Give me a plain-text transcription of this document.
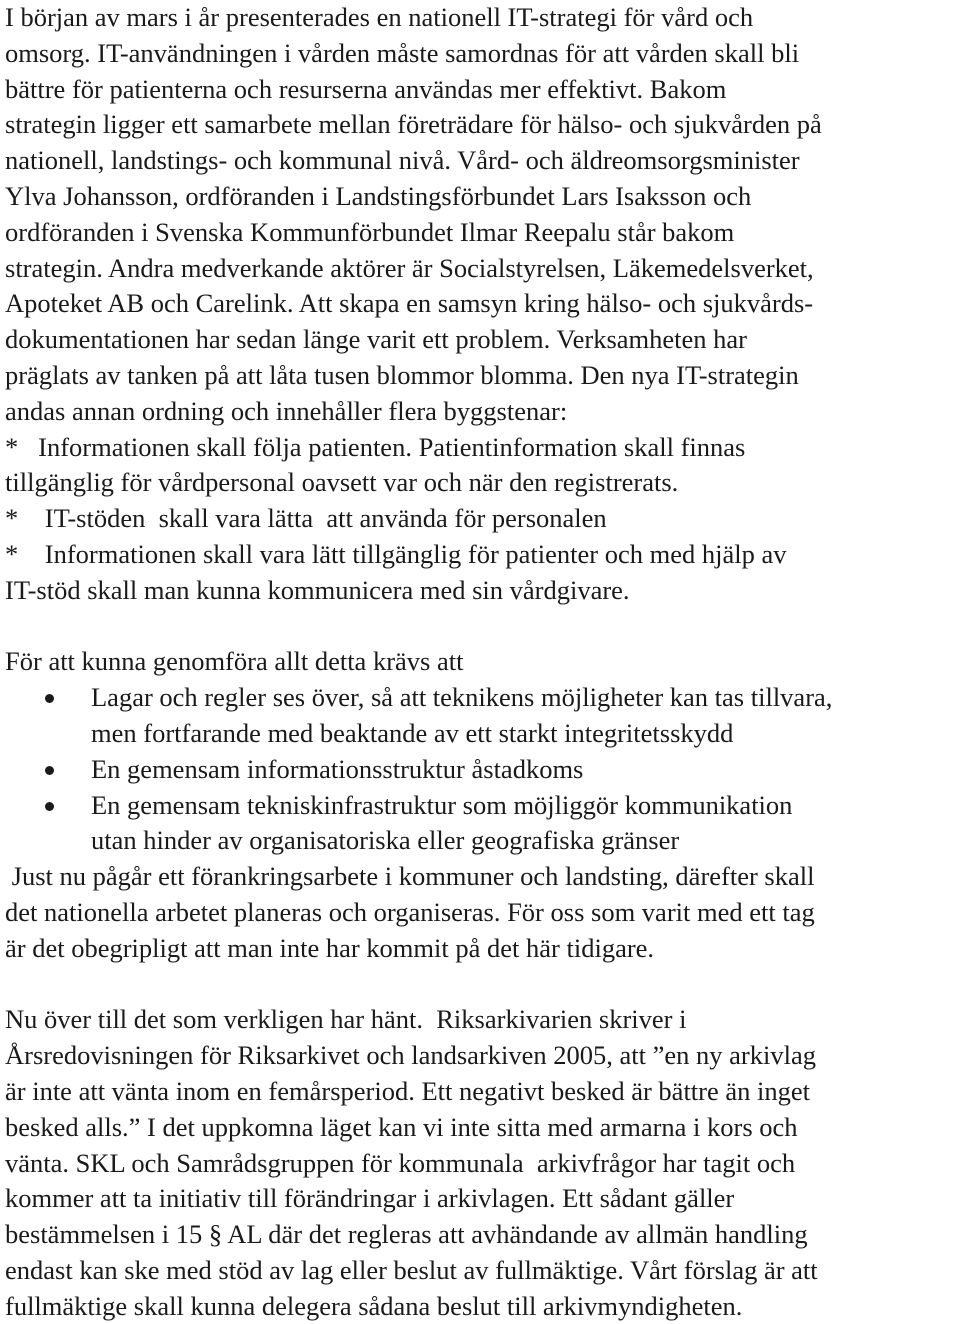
I början av mars i år presenterades en nationell IT-strategi för vård och
omsorg. IT-användningen i vården måste samordnas för att vården skall bli
bättre för patienterna och resurserna användas mer effektivt. Bakom
strategin ligger ett samarbete mellan företrädare för hälso- och sjukvården på
nationell, landstings- och kommunal nivå. Vård- och äldreomsorgsminister
Ylva Johansson, ordföranden i Landstingsförbundet Lars Isaksson och
ordföranden i Svenska Kommunförbundet Ilmar Reepalu står bakom
strategin. Andra medverkande aktörer är Socialstyrelsen, Läkemedelsverket,
Apoteket AB och Carelink. Att skapa en samsyn kring hälso- och sjukvårds-
dokumentationen har sedan länge varit ett problem. Verksamheten har
präglats av tanken på att låta tusen blommor blomma. Den nya IT-strategin
andas annan ordning och innehåller flera byggstenar:
*   Informationen skall följa patienten. Patientinformation skall finnas
tillgänglig för vårdpersonal oavsett var och när den registrerats.
*    IT-stöden  skall vara lätta  att använda för personalen
*    Informationen skall vara lätt tillgänglig för patienter och med hjälp av
IT-stöd skall man kunna kommunicera med sin vårdgivare.
För att kunna genomföra allt detta krävs att
Lagar och regler ses över, så att teknikens möjligheter kan tas tillvara,
men fortfarande med beaktande av ett starkt integritetsskydd
En gemensam informationsstruktur åstadkoms
En gemensam tekniskinfrastruktur som möjliggör kommunikation
utan hinder av organisatoriska eller geografiska gränser
Just nu pågår ett förankringsarbete i kommuner och landsting, därefter skall
det nationella arbetet planeras och organiseras. För oss som varit med ett tag
är det obegripligt att man inte har kommit på det här tidigare.
Nu över till det som verkligen har hänt.  Riksarkivarien skriver i
Årsredovisningen för Riksarkivet och landsarkiven 2005, att ”en ny arkivlag
är inte att vänta inom en femårsperiod. Ett negativt besked är bättre än inget
besked alls.” I det uppkomna läget kan vi inte sitta med armarna i kors och
vänta. SKL och Samrådsgruppen för kommunala  arkivfrågor har tagit och
kommer att ta initiativ till förändringar i arkivlagen. Ett sådant gäller
bestämmelsen i 15 § AL där det regleras att avhändande av allmän handling
endast kan ske med stöd av lag eller beslut av fullmäktige. Vårt förslag är att
fullmäktige skall kunna delegera sådana beslut till arkivmyndigheten.
